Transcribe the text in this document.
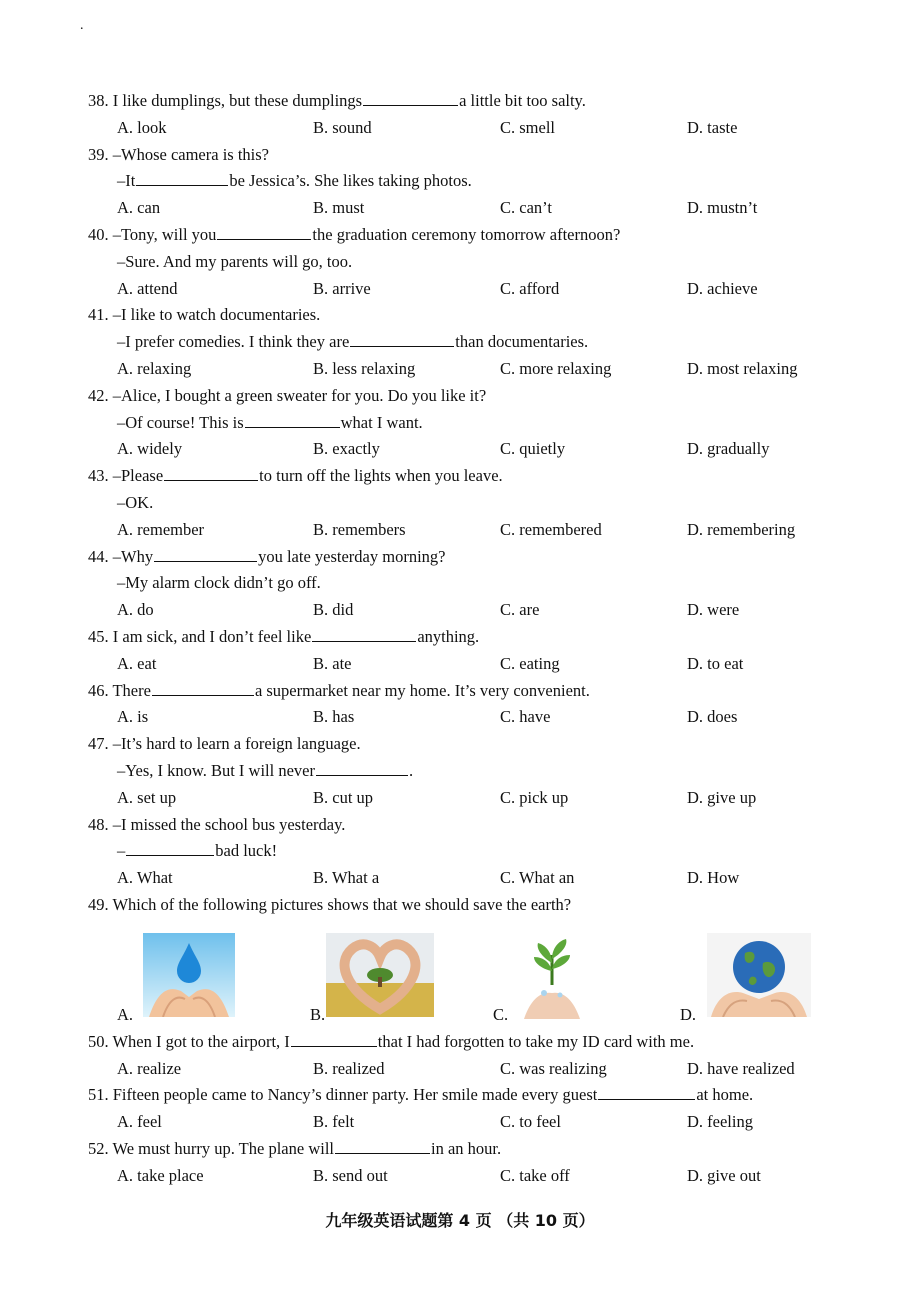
.
38. I like dumplings, but these dumplings	a little bit too salty.
A. look	B. sound	C. smell	D. taste
39. –Whose camera is this?
–It	be Jessica’s. She likes taking photos.
A. can	B. must	C. can’t	D. mustn’t
40. –Tony, will you	the graduation ceremony tomorrow afternoon?
–Sure. And my parents will go, too.
A. attend	B. arrive	C. afford	D. achieve
41. –I like to watch documentaries.
–I prefer comedies. I think they are	than documentaries.
A. relaxing	B. less relaxing	C. more relaxing	D. most relaxing
42. –Alice, I bought a green sweater for you. Do you like it?
–Of course! This is	what I want.
A. widely	B. exactly	C. quietly	D. gradually
43. –Please	to turn off the lights when you leave.
–OK.
A. remember	B. remembers	C. remembered	D. remembering
44. –Why	you late yesterday morning?
–My alarm clock didn’t go off.
A. do	B. did	C. are	D. were
45. I am sick, and I don’t feel like	anything.
A. eat	B. ate	C. eating	D. to eat
46. There	a supermarket near my home. It’s very convenient.
A. is	B. has	C. have	D. does
47. –It’s hard to learn a foreign language.
–Yes, I know. But I will never	.
A. set up	B. cut up	C. pick up	D. give up
48. –I missed the school bus yesterday.
–	bad luck!
A. What	B. What a	C. What an	D. How
49. Which of the following pictures shows that we should save the earth?
A.	B.	C.	D.
50. When I got to the airport, I	that I had forgotten to take my ID card with me.
A. realize	B. realized	C. was realizing	D. have realized
51. Fifteen people came to Nancy’s dinner party. Her smile made every guest	at home.
A. feel	B. felt	C. to feel	D. feeling
52. We must hurry up. The plane will	in an hour.
A. take place	B. send out	C. take off	D. give out
九年级英语试题第 4 页 （共 10 页）
